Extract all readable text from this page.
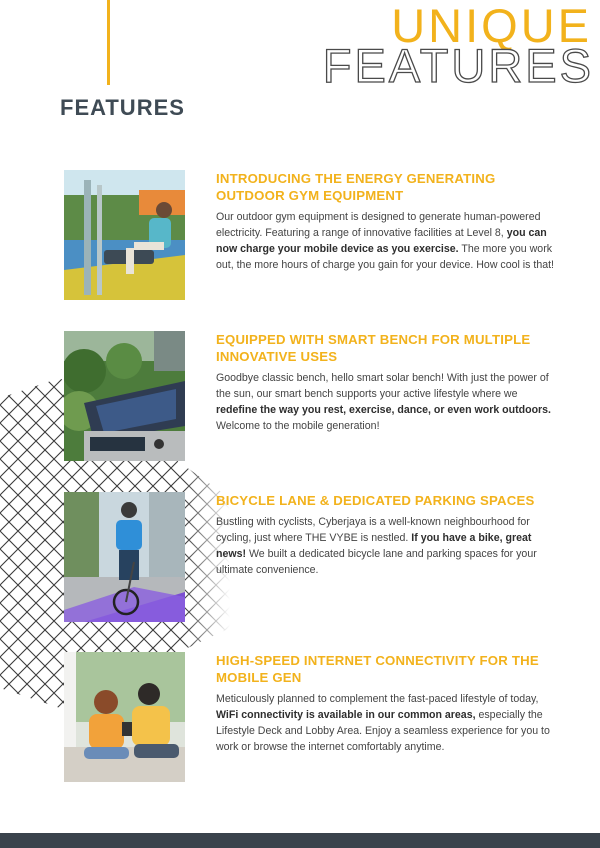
UNIQUE
FEATURES
FEATURES

INTRODUCING THE ENERGY GENERATING OUTDOOR GYM EQUIPMENT

Our outdoor gym equipment is designed to generate human-powered electricity. Featuring a range of innovative facilities at Level 8, you can now charge your mobile device as you exercise. The more you work out, the more hours of charge you gain for your device. How cool is that!

EQUIPPED WITH SMART BENCH FOR MULTIPLE INNOVATIVE USES

Goodbye classic bench, hello smart solar bench! With just the power of the sun, our smart bench supports your active lifestyle where we redefine the way you rest, exercise, dance, or even work outdoors. Welcome to the mobile generation!

BICYCLE LANE & DEDICATED PARKING SPACES

Bustling with cyclists, Cyberjaya is a well-known neighbourhood for cycling, just where THE VYBE is nestled. If you have a bike, great news! We built a dedicated bicycle lane and parking spaces for your ultimate convenience.

HIGH-SPEED INTERNET CONNECTIVITY FOR THE MOBILE GEN

Meticulously planned to complement the fast-paced lifestyle of today, WiFi connectivity is available in our common areas, especially the Lifestyle Deck and Lobby Area. Enjoy a seamless experience for you to work or browse the internet comfortably anytime.
